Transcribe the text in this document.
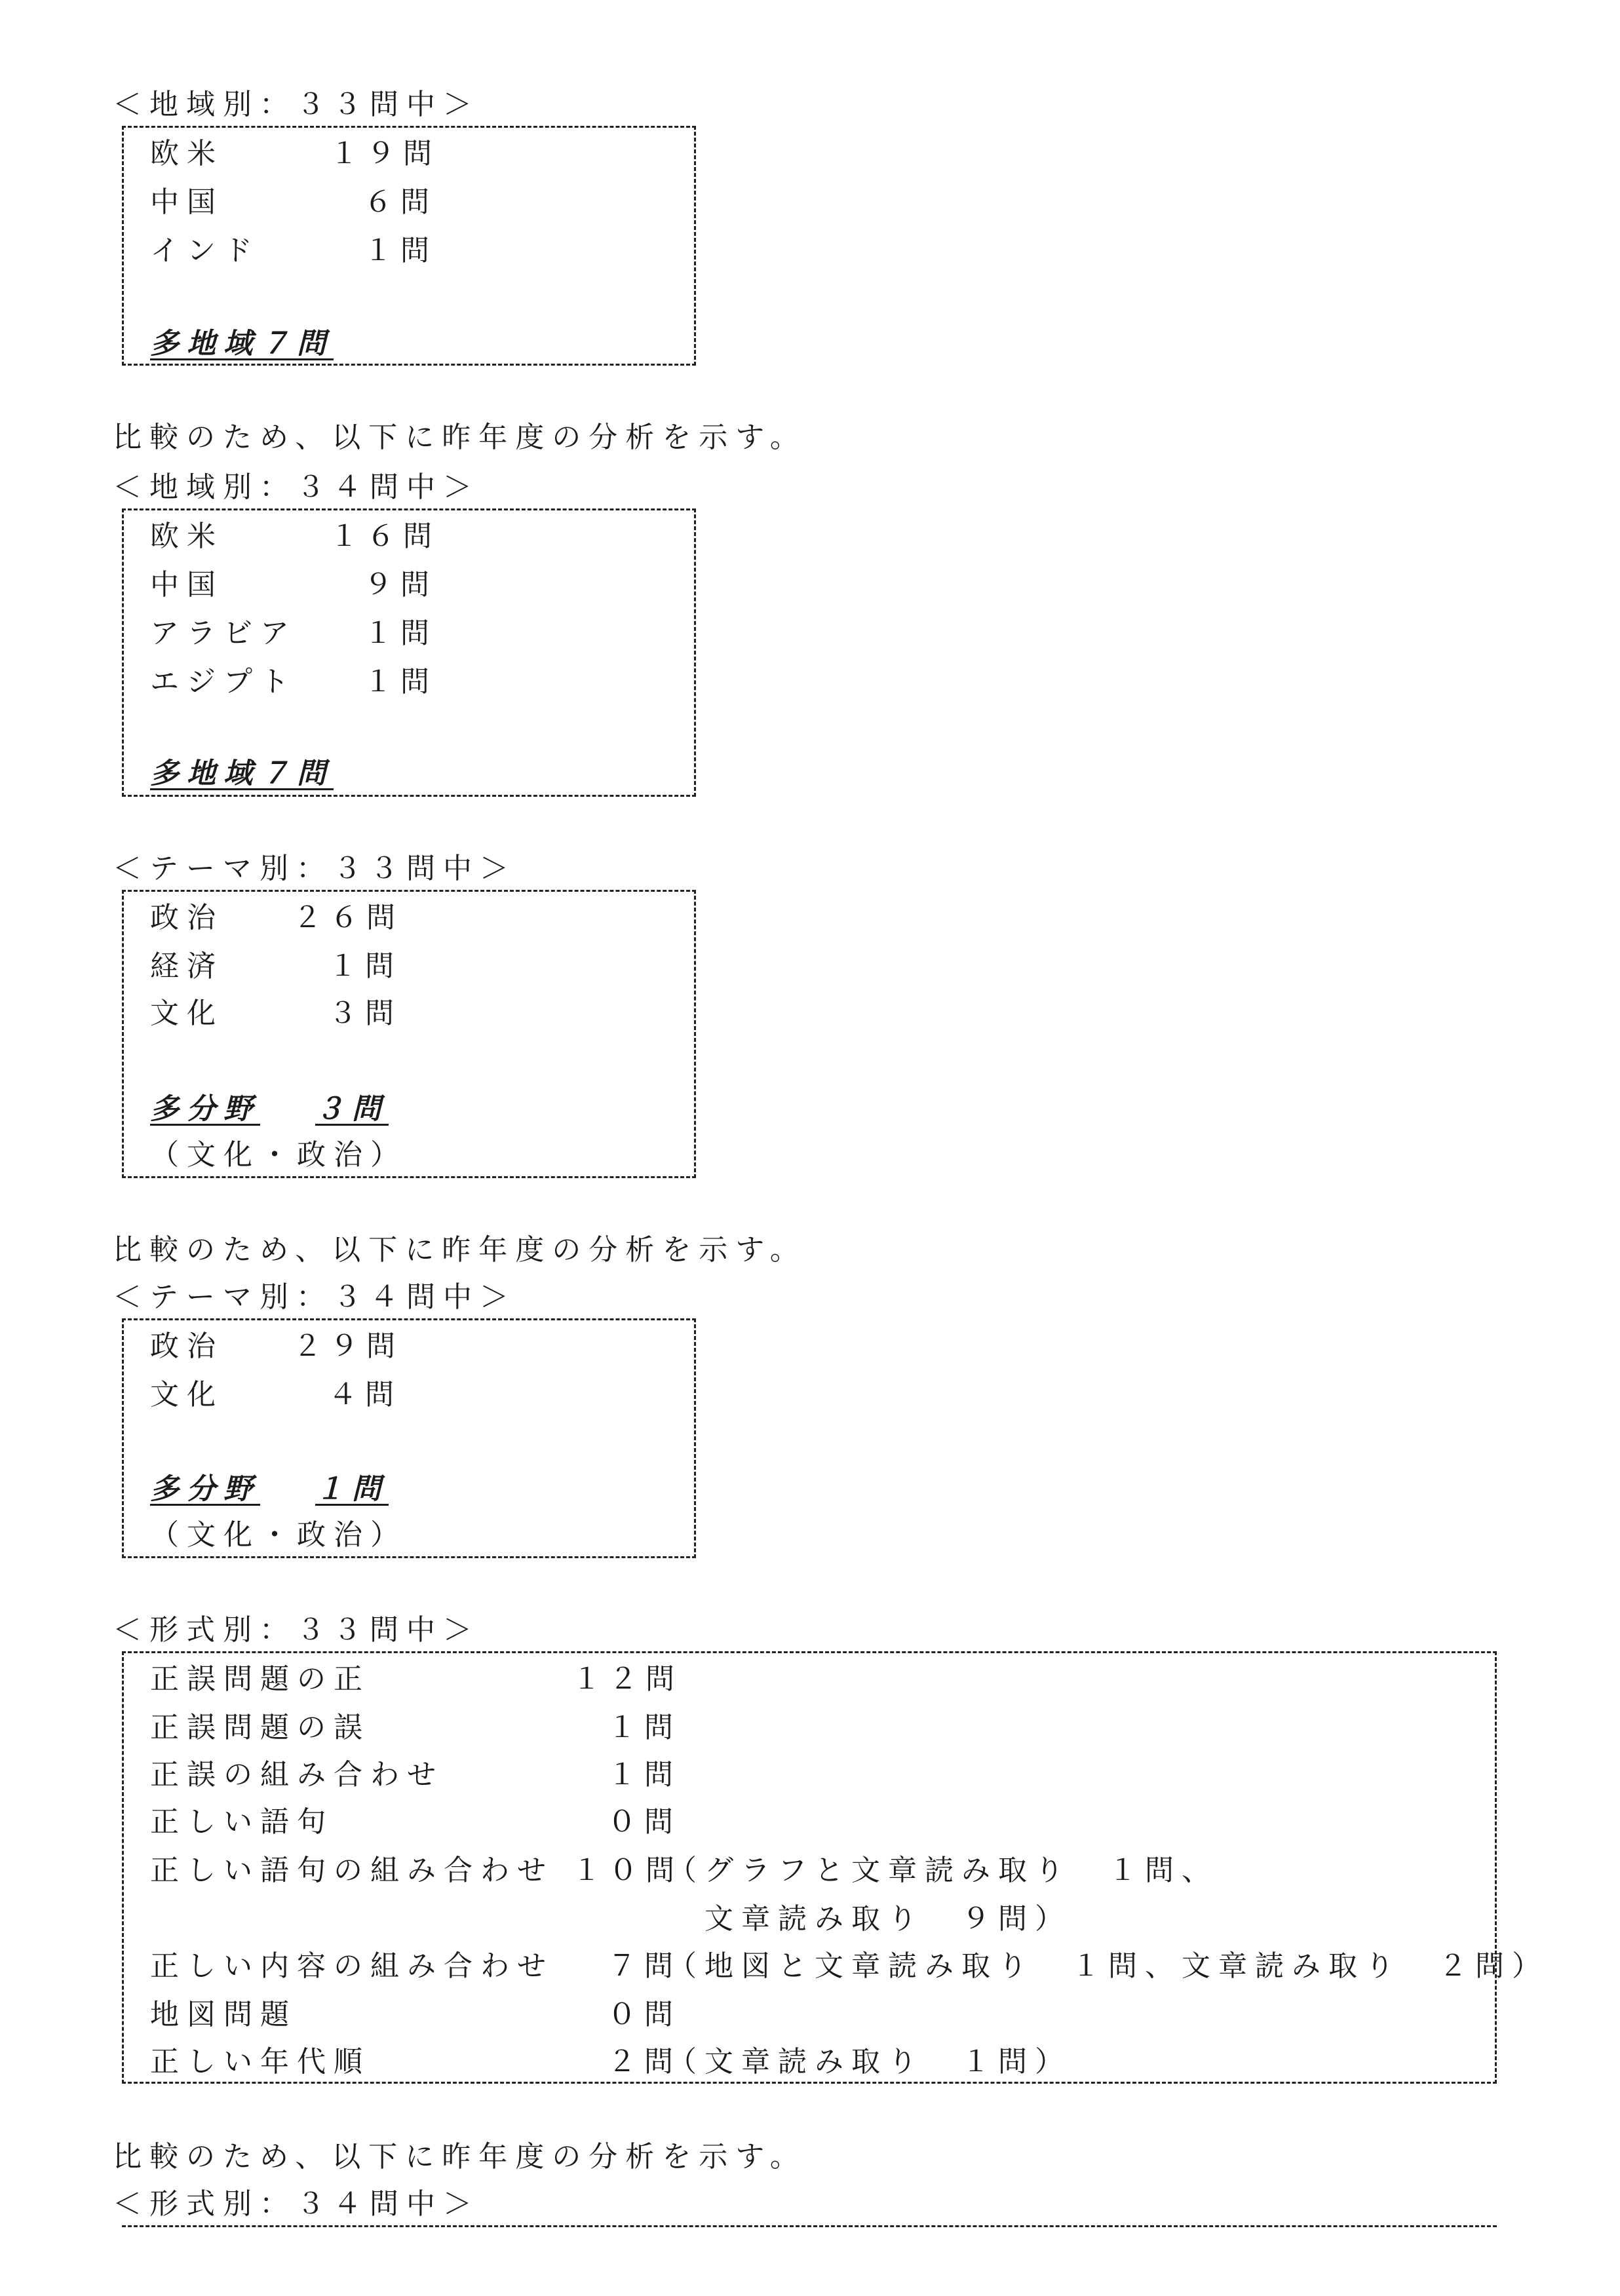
＜地域別：３３問中＞
欧米	１９問
中国	６問
インド	１問
多地域７問
比較のため、以下に昨年度の分析を示す。
＜地域別：３４問中＞
欧米	１６問
中国	９問
アラビア １問
エジプト １問
多地域７問
＜テーマ別：３３問中＞
政治 ２６問
経済	１問
文化	３問
多分野 ３問
（文化・政治）
比較のため、以下に昨年度の分析を示す。
＜テーマ別：３４問中＞
政治 ２９問
文化	４問
多分野 １問
（文化・政治）
＜形式別：３３問中＞
正誤問題の正	１２問
正誤問題の誤	１問
正誤の組み合わせ	１問
正しい語句	０問
正しい語句の組み合わせ １０問
（グラフと文章読み取り　１問、
文章読み取り　９問）
正しい内容の組み合わせ ７問
（地図と文章読み取り　１問、文章読み取り　２問）
地図問題	０問
正しい年代順	２問
（文章読み取り　１問）
比較のため、以下に昨年度の分析を示す。
＜形式別：３４問中＞
